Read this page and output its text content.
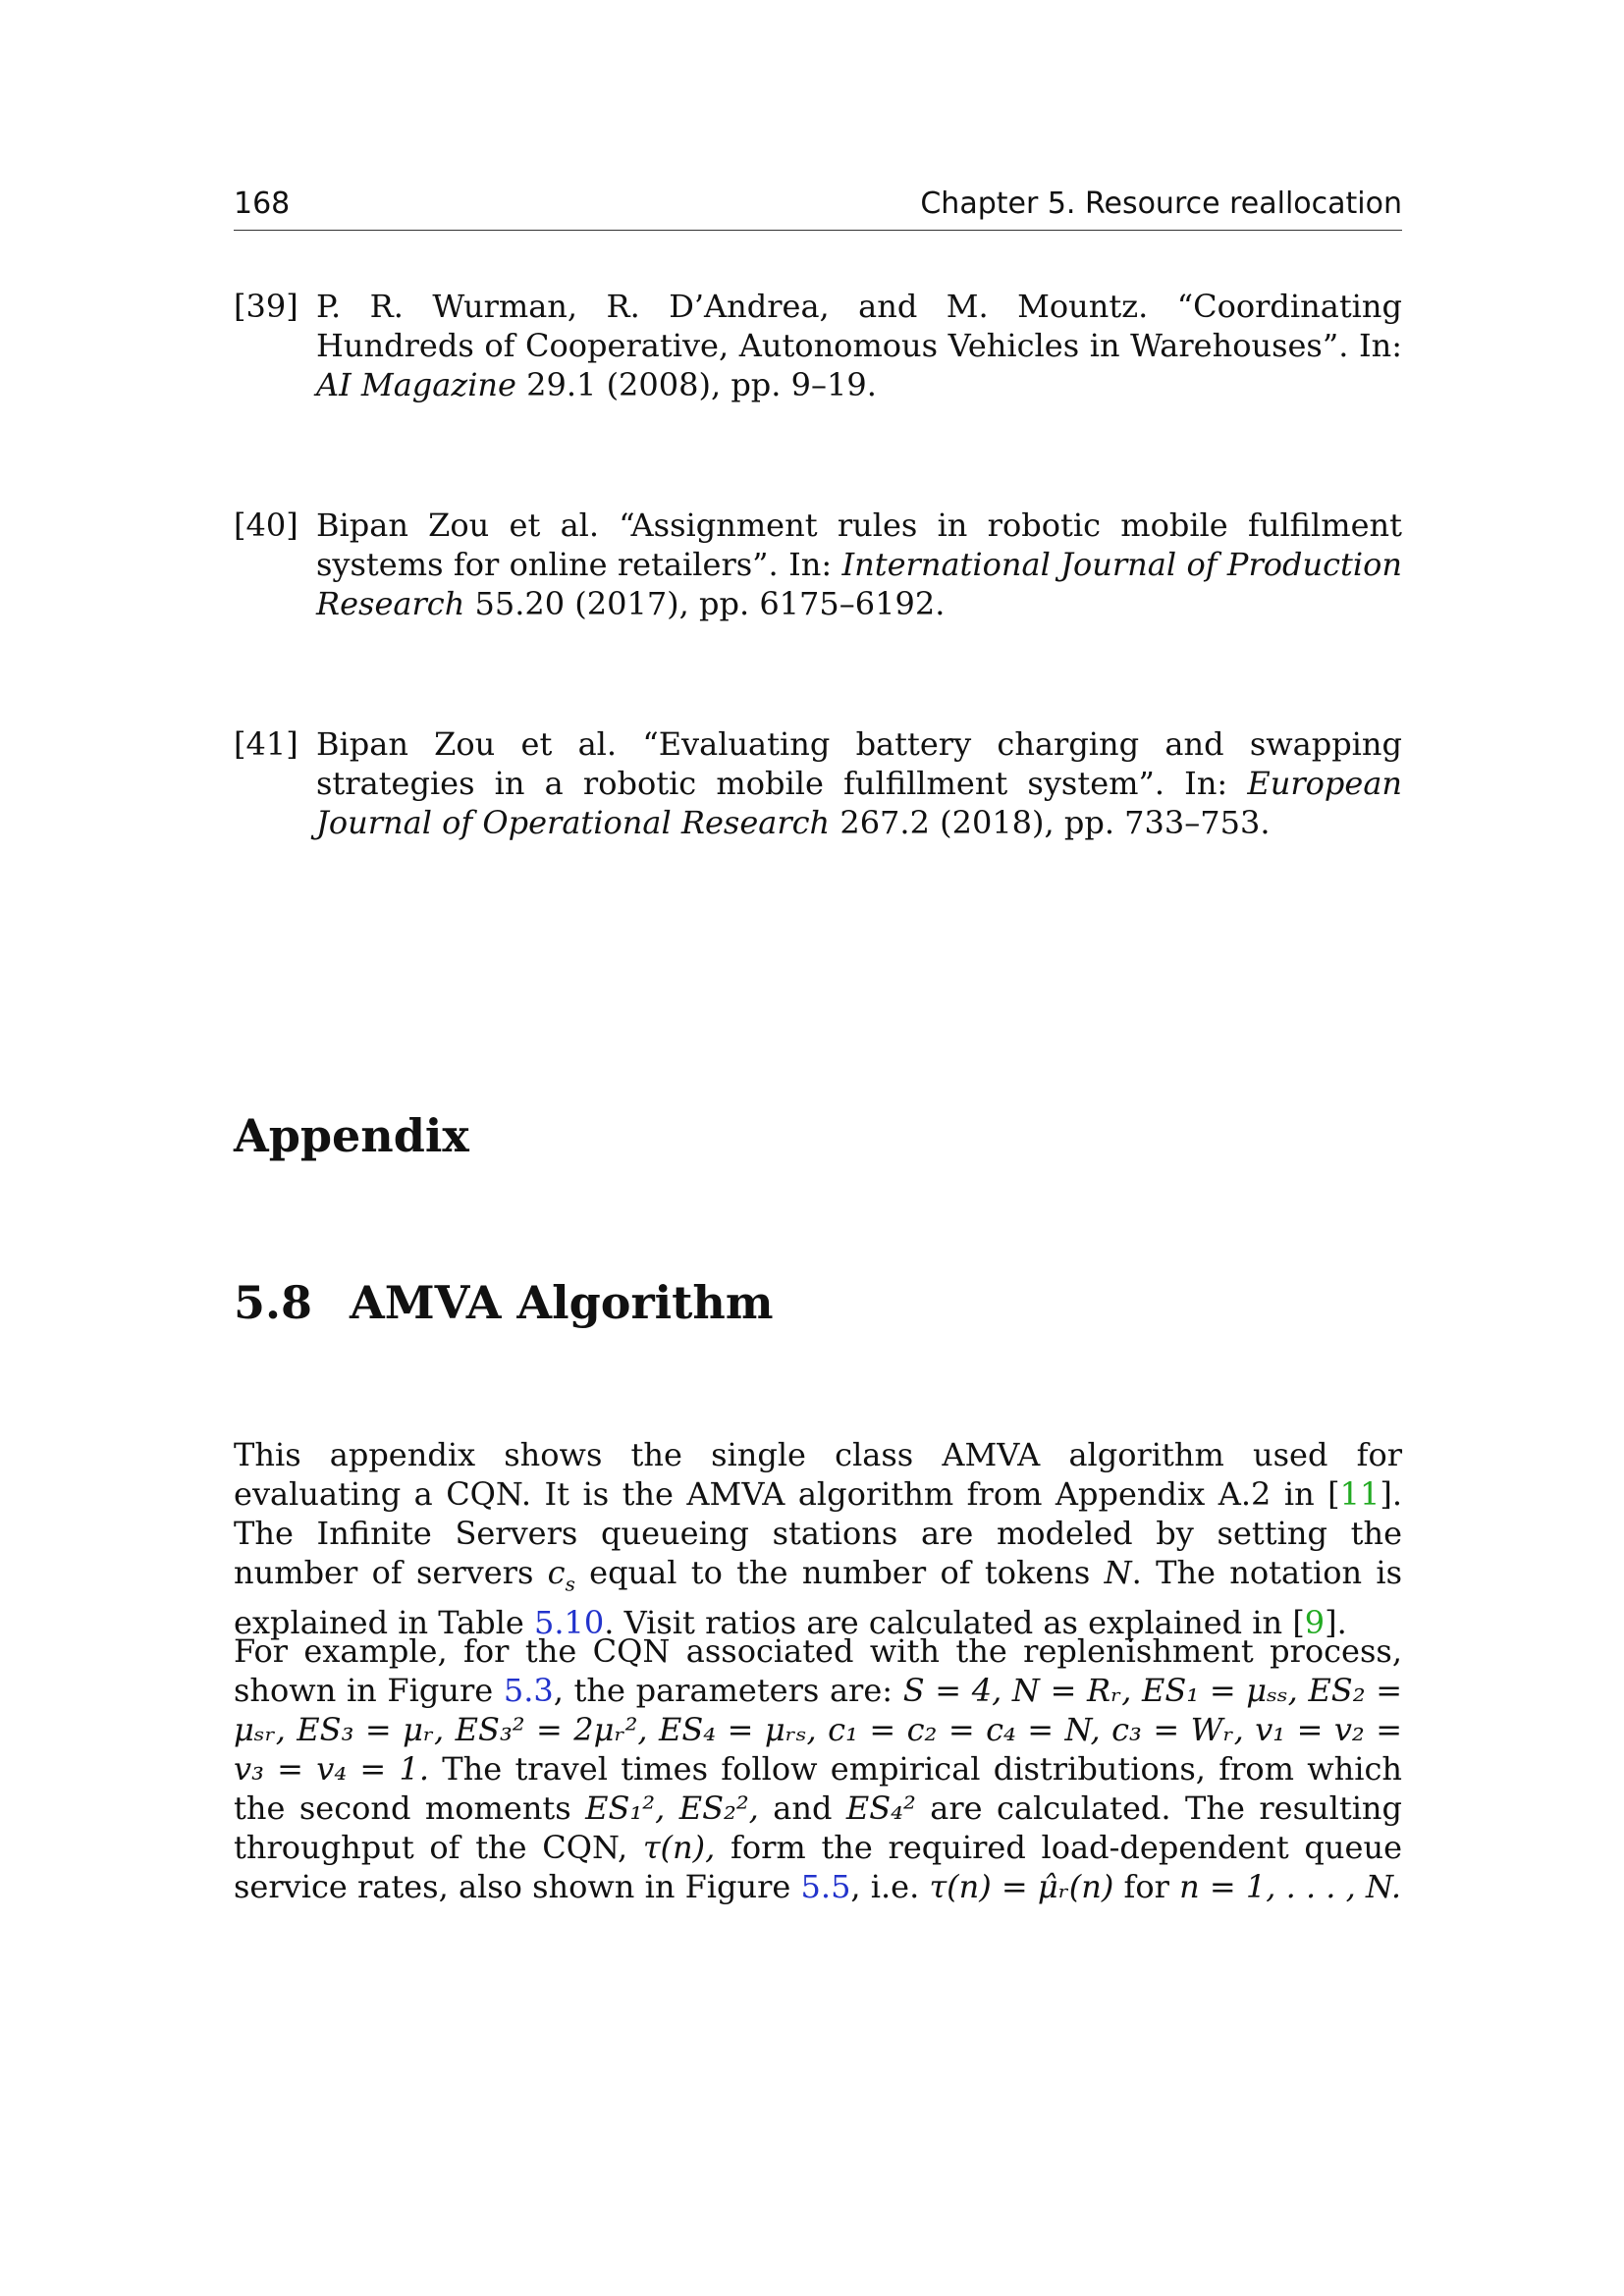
168	Chapter 5. Resource reallocation
[39] P. R. Wurman, R. D’Andrea, and M. Mountz. “Coordinating Hundreds of Cooperative, Autonomous Vehicles in Warehouses”. In: AI Magazine 29.1 (2008), pp. 9–19.
[40] Bipan Zou et al. “Assignment rules in robotic mobile fulfilment systems for online retailers”. In: International Journal of Production Research 55.20 (2017), pp. 6175–6192.
[41] Bipan Zou et al. “Evaluating battery charging and swapping strategies in a robotic mobile fulfillment system”. In: European Journal of Operational Research 267.2 (2018), pp. 733–753.
Appendix
5.8 AMVA Algorithm
This appendix shows the single class AMVA algorithm used for evaluating a CQN. It is the AMVA algorithm from Appendix A.2 in [11]. The Infinite Servers queueing stations are modeled by setting the number of servers $c_s$ equal to the number of tokens N. The notation is explained in Table 5.10. Visit ratios are calculated as explained in [9].
For example, for the CQN associated with the replenishment process, shown in Figure 5.3, the parameters are: S = 4, N = Rᵣ, ES₁ = μₛₛ, ES₂ = μₛᵣ, ES₃ = μᵣ, ES₃² = 2μᵣ², ES₄ = μᵣₛ, c₁ = c₂ = c₄ = N, c₃ = Wᵣ, v₁ = v₂ = v₃ = v₄ = 1. The travel times follow empirical distributions, from which the second moments ES₁², ES₂², and ES₄² are calculated. The resulting throughput of the CQN, τ(n), form the required load-dependent queue service rates, also shown in Figure 5.5, i.e. τ(n) = μ̂ᵣ(n) for n = 1, . . . , N.
